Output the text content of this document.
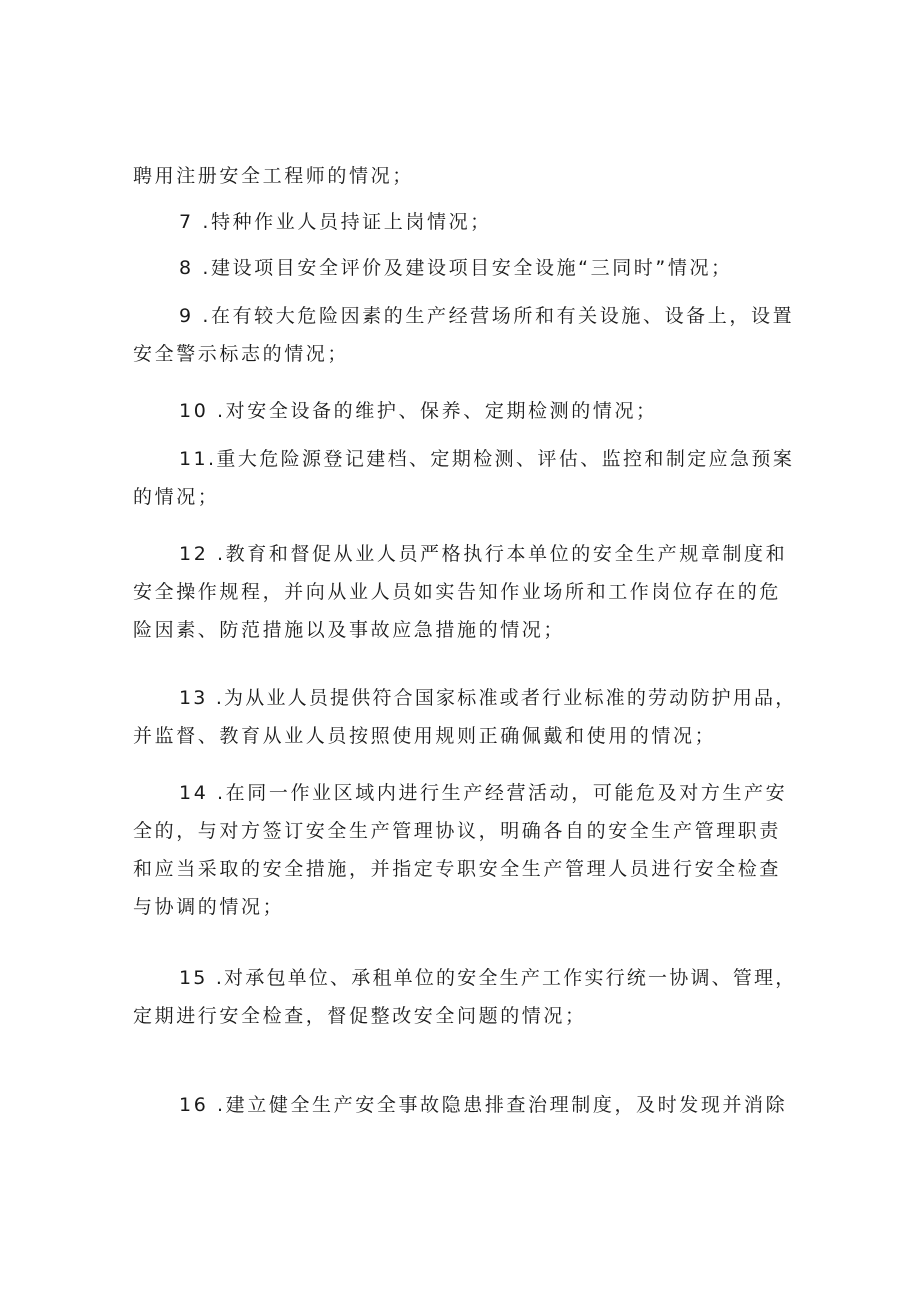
聘用注册安全工程师的情况；

7 .特种作业人员持证上岗情况；

8 .建设项目安全评价及建设项目安全设施“三同时”情况；

9 .在有较大危险因素的生产经营场所和有关设施、设备上，设置
安全警示标志的情况；

10 .对安全设备的维护、保养、定期检测的情况；

11.重大危险源登记建档、定期检测、评估、监控和制定应急预案
的情况；

12 .教育和督促从业人员严格执行本单位的安全生产规章制度和
安全操作规程，并向从业人员如实告知作业场所和工作岗位存在的危
险因素、防范措施以及事故应急措施的情况；

13 .为从业人员提供符合国家标准或者行业标准的劳动防护用品，
并监督、教育从业人员按照使用规则正确佩戴和使用的情况；

14 .在同一作业区域内进行生产经营活动，可能危及对方生产安
全的，与对方签订安全生产管理协议，明确各自的安全生产管理职责
和应当采取的安全措施，并指定专职安全生产管理人员进行安全检查
与协调的情况；

15 .对承包单位、承租单位的安全生产工作实行统一协调、管理，
定期进行安全检查，督促整改安全问题的情况；

16 .建立健全生产安全事故隐患排查治理制度，及时发现并消除
